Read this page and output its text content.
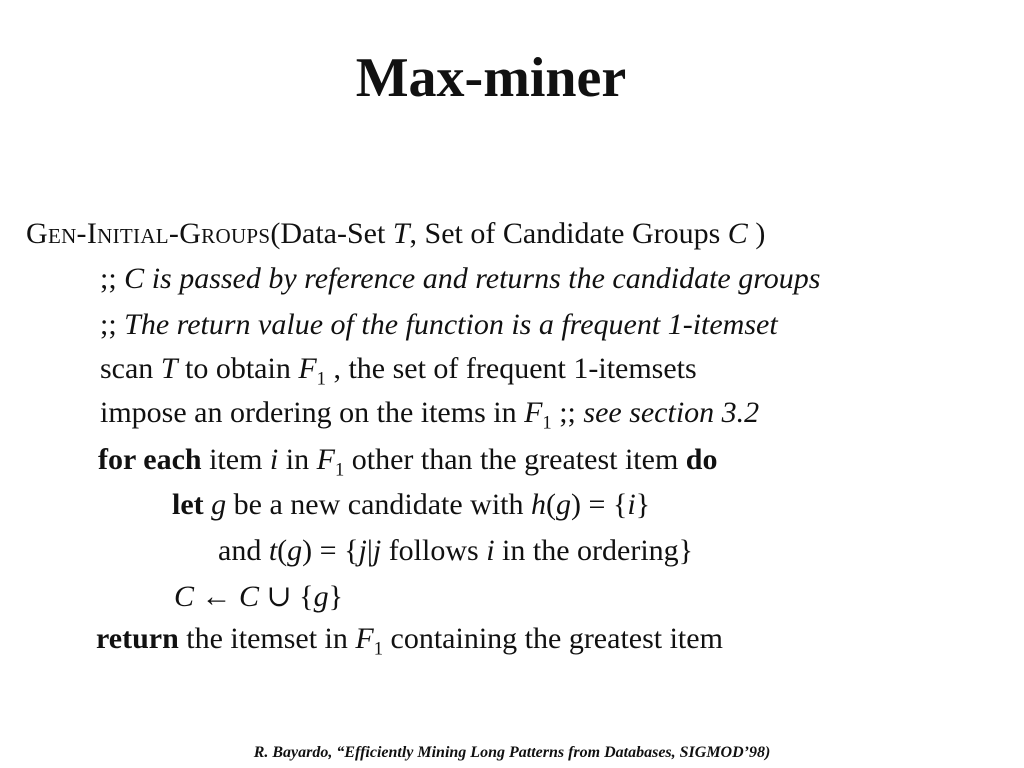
Max-miner
Gen-Initial-Groups(Data-Set T, Set of Candidate Groups C )
;; C is passed by reference and returns the candidate groups
;; The return value of the function is a frequent 1-itemset
scan T to obtain $F_1$ , the set of frequent 1-itemsets
impose an ordering on the items in $F_1$ ;; see section 3.2
for each item i in $F_1$ other than the greatest item do
let g be a new candidate with h(g) = {i}
and t(g) = {j|j follows i in the ordering}
C ← C ∪ {g}
return the itemset in $F_1$ containing the greatest item
R. Bayardo, “Efficiently Mining Long Patterns from Databases, SIGMOD’98)
